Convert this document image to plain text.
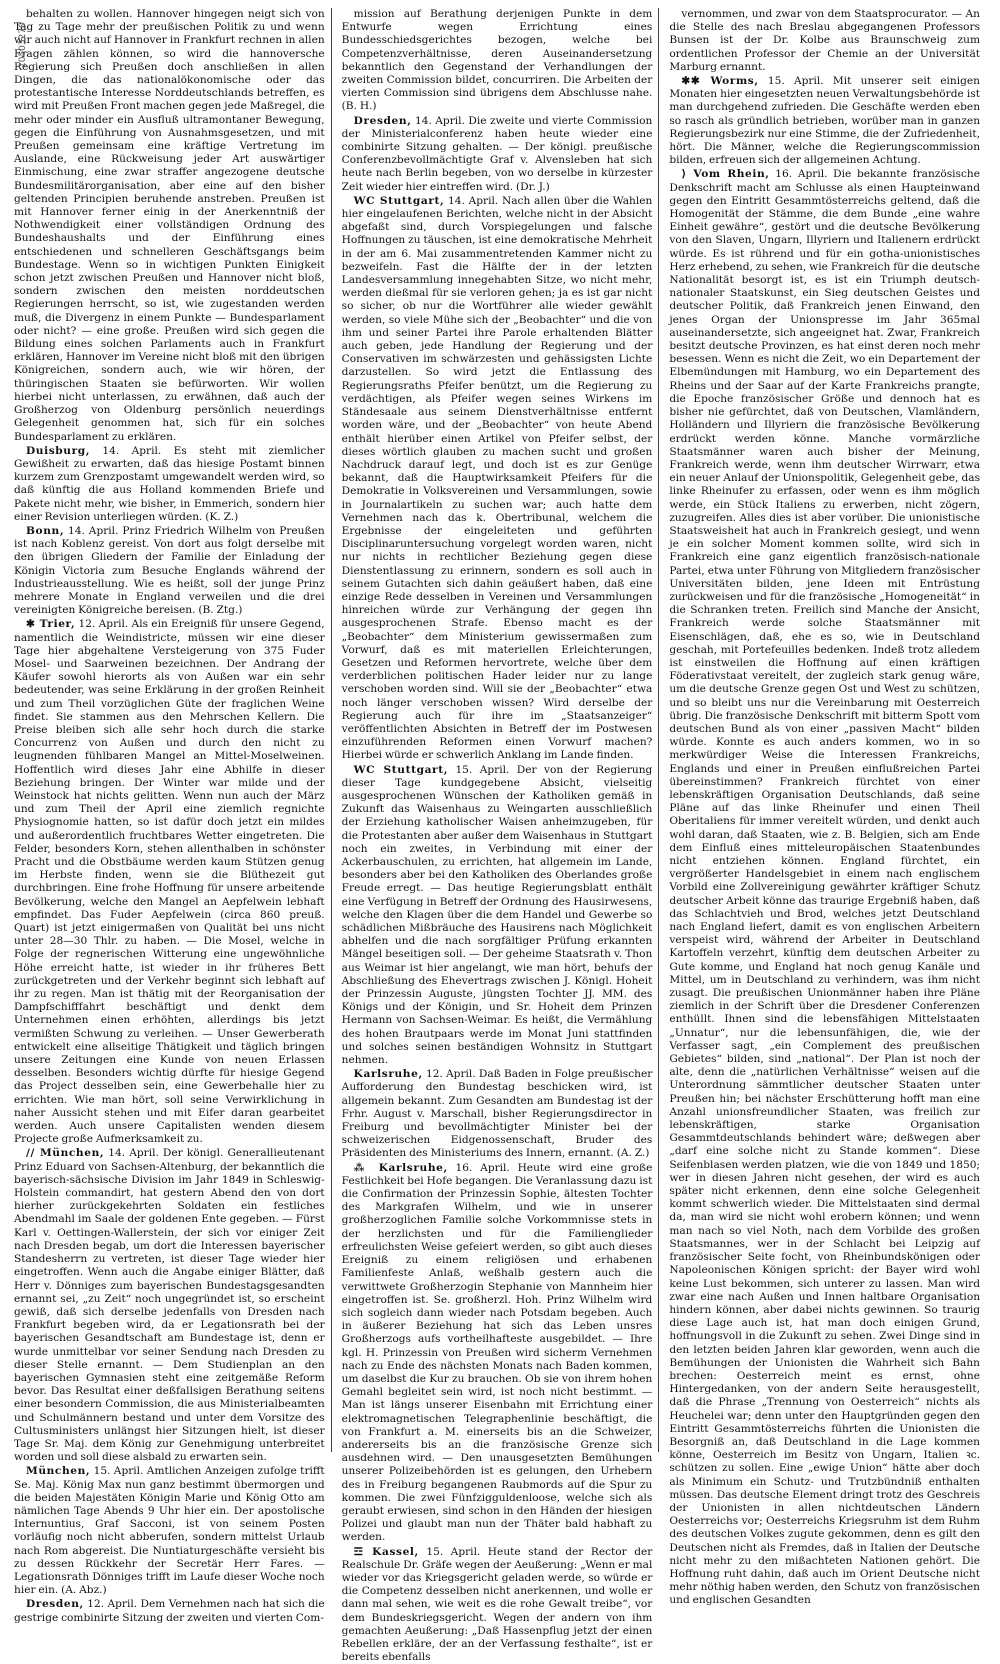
10503270

behalten zu wollen. Hannover hingegen neigt sich von Tag zu Tage mehr der preußischen Politik zu und wenn wir auch nicht auf Hannover in Frankfurt rechnen in allen Fragen zählen können, so wird die hannoversche Regierung sich Preußen doch anschließen in allen Dingen, die das nationalökonomische oder das protestantische Interesse Norddeutschlands betreffen, es wird mit Preußen Front machen gegen jede Maßregel, die mehr oder minder ein Ausfluß ultramontaner Bewegung, gegen die Einführung von Ausnahmsgesetzen, und mit Preußen gemeinsam eine kräftige Vertretung im Auslande, eine Rückweisung jeder Art auswärtiger Einmischung, eine zwar straffer angezogene deutsche Bundesmilitärorganisation, aber eine auf den bisher geltenden Principien beruhende anstreben. Preußen ist mit Hannover ferner einig in der Anerkenntniß der Nothwendigkeit einer vollständigen Ordnung des Bundeshaushalts und der Einführung eines entschiedenen und schnelleren Geschäftsgangs beim Bundestage. Wenn so in wichtigen Punkten Einigkeit schon jetzt zwischen Preußen und Hannover nicht bloß, sondern zwischen den meisten norddeutschen Regierungen herrscht, so ist, wie zugestanden werden muß, die Divergenz in einem Punkte — Bundesparlament oder nicht? — eine große. Preußen wird sich gegen die Bildung eines solchen Parlaments auch in Frankfurt erklären, Hannover im Vereine nicht bloß mit den übrigen Königreichen, sondern auch, wie wir hören, der thüringischen Staaten sie befürworten. Wir wollen hierbei nicht unterlassen, zu erwähnen, daß auch der Großherzog von Oldenburg persönlich neuerdings Gelegenheit genommen hat, sich für ein solches Bundesparlament zu erklären.

Duisburg, 14. April. Es steht mit ziemlicher Gewißheit zu erwarten, daß das hiesige Postamt binnen kurzem zum Grenzpostamt umgewandelt werden wird, so daß künftig die aus Holland kommenden Briefe und Pakete nicht mehr, wie bisher, in Emmerich, sondern hier einer Revision unterliegen würden. (K. Z.)

Bonn, 14. April. Prinz Friedrich Wilhelm von Preußen ist nach Koblenz gereist. Von dort aus folgt derselbe mit den übrigen Gliedern der Familie der Einladung der Königin Victoria zum Besuche Englands während der Industrieausstellung. Wie es heißt, soll der junge Prinz mehrere Monate in England verweilen und die drei vereinigten Königreiche bereisen. (B. Ztg.)

✱ Trier, 12. April. Als ein Ereigniß für unsere Gegend, namentlich die Weindistricte, müssen wir eine dieser Tage hier abgehaltene Versteigerung von 375 Fuder Mosel- und Saarweinen bezeichnen. Der Andrang der Käufer sowohl hierorts als von Außen war ein sehr bedeutender, was seine Erklärung in der großen Reinheit und zum Theil vorzüglichen Güte der fraglichen Weine findet. Sie stammen aus den Mehrschen Kellern. Die Preise bleiben sich alle sehr hoch durch die starke Concurrenz von Außen und durch den nicht zu leugnenden fühlbaren Mangel an Mittel-Moselweinen. Hoffentlich wird dieses Jahr eine Abhilfe in dieser Beziehung bringen. Der Winter war milde und der Weinstock hat nichts gelitten. Wenn nun auch der März und zum Theil der April eine ziemlich regnichte Physiognomie hatten, so ist dafür doch jetzt ein mildes und außerordentlich fruchtbares Wetter eingetreten. Die Felder, besonders Korn, stehen allenthalben in schönster Pracht und die Obstbäume werden kaum Stützen genug im Herbste finden, wenn sie die Blüthezeit gut durchbringen. Eine frohe Hoffnung für unsere arbeitende Bevölkerung, welche den Mangel an Aepfelwein lebhaft empfindet. Das Fuder Aepfelwein (circa 860 preuß. Quart) ist jetzt einigermaßen von Qualität bei uns nicht unter 28—30 Thlr. zu haben. — Die Mosel, welche in Folge der regnerischen Witterung eine ungewöhnliche Höhe erreicht hatte, ist wieder in ihr früheres Bett zurückgetreten und der Verkehr beginnt sich lebhaft auf ihr zu regen. Man ist thätig mit der Reorganisation der Dampfschifffahrt beschäftigt und denkt dem Unternehmen einen erhöhten, allerdings bis jetzt vermißten Schwung zu verleihen. — Unser Gewerberath entwickelt eine allseitige Thätigkeit und täglich bringen unsere Zeitungen eine Kunde von neuen Erlassen desselben. Besonders wichtig dürfte für hiesige Gegend das Project desselben sein, eine Gewerbehalle hier zu errichten. Wie man hört, soll seine Verwirklichung in naher Aussicht stehen und mit Eifer daran gearbeitet werden. Auch unsere Capitalisten wenden diesem Projecte große Aufmerksamkeit zu.

// München, 14. April. Der königl. Generallieutenant Prinz Eduard von Sachsen-Altenburg, der bekanntlich die bayerisch-sächsische Division im Jahr 1849 in Schleswig-Holstein commandirt, hat gestern Abend den von dort hierher zurückgekehrten Soldaten ein festliches Abendmahl im Saale der goldenen Ente gegeben. — Fürst Karl v. Oettingen-Wallerstein, der sich vor einiger Zeit nach Dresden begab, um dort die Interessen bayerischer Standesherrn zu vertreten, ist dieser Tage wieder hier eingetroffen. Wenn auch die Angabe einiger Blätter, daß Herr v. Dönniges zum bayerischen Bundestagsgesandten ernannt sei, „zu Zeit“ noch ungegründet ist, so erscheint gewiß, daß sich derselbe jedenfalls von Dresden nach Frankfurt begeben wird, da er Legationsrath bei der bayerischen Gesandtschaft am Bundestage ist, denn er wurde unmittelbar vor seiner Sendung nach Dresden zu dieser Stelle ernannt. — Dem Studienplan an den bayerischen Gymnasien steht eine zeitgemäße Reform bevor. Das Resultat einer deßfallsigen Berathung seitens einer besondern Commission, die aus Ministerialbeamten und Schulmännern bestand und unter dem Vorsitze des Cultusministers unlängst hier Sitzungen hielt, ist dieser Tage Sr. Maj. dem König zur Genehmigung unterbreitet worden und soll diese alsbald zu erwarten sein.

München, 15. April. Amtlichen Anzeigen zufolge trifft Se. Maj. König Max nun ganz bestimmt übermorgen und die beiden Majestäten Königin Marie und König Otto am nämlichen Tage Abends 9 Uhr hier ein. Der apostolische Internuntius, Graf Sacconi, ist von seinem Posten vorläufig noch nicht abberufen, sondern mittelst Urlaub nach Rom abgereist. Die Nuntiaturgeschäfte versieht bis zu dessen Rückkehr der Secretär Herr Fares. — Legationsrath Dönniges trifft im Laufe dieser Woche noch hier ein. (A. Abz.)

Dresden, 12. April. Dem Vernehmen nach hat sich die gestrige combinirte Sitzung der zweiten und vierten Com-

mission auf Berathung derjenigen Punkte in dem Entwurfe wegen Errichtung eines Bundesschiedsgerichtes bezogen, welche bei Competenzverhältnisse, deren Auseinandersetzung bekanntlich den Gegenstand der Verhandlungen der zweiten Commission bildet, concurriren. Die Arbeiten der vierten Commission sind übrigens dem Abschlusse nahe. (B. H.)

Dresden, 14. April. Die zweite und vierte Commission der Ministerialconferenz haben heute wieder eine combinirte Sitzung gehalten. — Der königl. preußische Conferenzbevollmächtigte Graf v. Alvensleben hat sich heute nach Berlin begeben, von wo derselbe in kürzester Zeit wieder hier eintreffen wird. (Dr. J.)

WC Stuttgart, 14. April. Nach allen über die Wahlen hier eingelaufenen Berichten, welche nicht in der Absicht abgefaßt sind, durch Vorspiegelungen und falsche Hoffnungen zu täuschen, ist eine demokratische Mehrheit in der am 6. Mai zusammentretenden Kammer nicht zu bezweifeln. Fast die Hälfte der in der letzten Landesversammlung innegehabten Sitze, wo nicht mehr, werden dießmal für sie verloren gehen; ja es ist gar nicht so sicher, ob nur die Wortführer alle wieder gewählt werden, so viele Mühe sich der „Beobachter“ und die von ihm und seiner Partei ihre Parole erhaltenden Blätter auch geben, jede Handlung der Regierung und der Conservativen im schwärzesten und gehässigsten Lichte darzustellen. So wird jetzt die Entlassung des Regierungsraths Pfeifer benützt, um die Regierung zu verdächtigen, als Pfeifer wegen seines Wirkens im Ständesaale aus seinem Dienstverhältnisse entfernt worden wäre, und der „Beobachter“ von heute Abend enthält hierüber einen Artikel von Pfeifer selbst, der dieses wörtlich glauben zu machen sucht und großen Nachdruck darauf legt, und doch ist es zur Genüge bekannt, daß die Hauptwirksamkeit Pfeifers für die Demokratie in Volksvereinen und Versammlungen, sowie in Journalartikeln zu suchen war; auch hatte dem Vernehmen nach das k. Obertribunal, welchem die Ergebnisse der eingeleiteten und geführten Disciplinaruntersuchung vorgelegt worden waren, nicht nur nichts in rechtlicher Beziehung gegen diese Dienstentlassung zu erinnern, sondern es soll auch in seinem Gutachten sich dahin geäußert haben, daß eine einzige Rede desselben in Vereinen und Versammlungen hinreichen würde zur Verhängung der gegen ihn ausgesprochenen Strafe. Ebenso macht es der „Beobachter“ dem Ministerium gewissermaßen zum Vorwurf, daß es mit materiellen Erleichterungen, Gesetzen und Reformen hervortrete, welche über dem verderblichen politischen Hader leider nur zu lange verschoben worden sind. Will sie der „Beobachter“ etwa noch länger verschoben wissen? Wird derselbe der Regierung auch für ihre im „Staatsanzeiger“ veröffentlichten Absichten in Betreff der im Postwesen einzuführenden Reformen einen Vorwurf machen? Hierbei würde er schwerlich Anklang im Lande finden.

WC Stuttgart, 15. April. Der von der Regierung dieser Tage kundgegebene Absicht, vielseitig ausgesprochenen Wünschen der Katholiken gemäß in Zukunft das Waisenhaus zu Weingarten ausschließlich der Erziehung katholischer Waisen anheimzugeben, für die Protestanten aber außer dem Waisenhaus in Stuttgart noch ein zweites, in Verbindung mit einer der Ackerbauschulen, zu errichten, hat allgemein im Lande, besonders aber bei den Katholiken des Oberlandes große Freude erregt. — Das heutige Regierungsblatt enthält eine Verfügung in Betreff der Ordnung des Hausirwesens, welche den Klagen über die dem Handel und Gewerbe so schädlichen Mißbräuche des Hausirens nach Möglichkeit abhelfen und die nach sorgfältiger Prüfung erkannten Mängel beseitigen soll. — Der geheime Staatsrath v. Thon aus Weimar ist hier angelangt, wie man hört, behufs der Abschließung des Ehevertrags zwischen J. Königl. Hoheit der Prinzessin Auguste, jüngsten Tochter JJ. MM. des Königs und der Königin, und Sr. Hoheit dem Prinzen Hermann von Sachsen-Weimar. Es heißt, die Vermählung des hohen Brautpaars werde im Monat Juni stattfinden und solches seinen beständigen Wohnsitz in Stuttgart nehmen.

Karlsruhe, 12. April. Daß Baden in Folge preußischer Aufforderung den Bundestag beschicken wird, ist allgemein bekannt. Zum Gesandten am Bundestag ist der Frhr. August v. Marschall, bisher Regierungsdirector in Freiburg und bevollmächtigter Minister bei der schweizerischen Eidgenossenschaft, Bruder des Präsidenten des Ministeriums des Innern, ernannt. (A. Z.)

⁂ Karlsruhe, 16. April. Heute wird eine große Festlichkeit bei Hofe begangen. Die Veranlassung dazu ist die Confirmation der Prinzessin Sophie, ältesten Tochter des Markgrafen Wilhelm, und wie in unserer großherzoglichen Familie solche Vorkommnisse stets in der herzlichsten und für die Familienglieder erfreulichsten Weise gefeiert werden, so gibt auch dieses Ereigniß zu einem religiösen und erhabenen Familienfeste Anlaß, weßhalb gestern auch die verwittwete Großherzogin Stephanie von Mannheim hier eingetroffen ist. Se. großherzl. Hoh. Prinz Wilhelm wird sich sogleich dann wieder nach Potsdam begeben. Auch in äußerer Beziehung hat sich das Leben unsres Großherzogs aufs vortheilhafteste ausgebildet. — Ihre kgl. H. Prinzessin von Preußen wird sicherm Vernehmen nach zu Ende des nächsten Monats nach Baden kommen, um daselbst die Kur zu brauchen. Ob sie von ihrem hohen Gemahl begleitet sein wird, ist noch nicht bestimmt. — Man ist längs unserer Eisenbahn mit Errichtung einer elektromagnetischen Telegraphenlinie beschäftigt, die von Frankfurt a. M. einerseits bis an die Schweizer, andererseits bis an die französische Grenze sich ausdehnen wird. — Den unausgesetzten Bemühungen unserer Polizeibehörden ist es gelungen, den Urhebern des in Freiburg begangenen Raubmords auf die Spur zu kommen. Die zwei Fünfzigguldenloose, welche sich als geraubt erwiesen, sind schon in den Händen der hiesigen Polizei und glaubt man nun der Thäter bald habhaft zu werden.

☲ Kassel, 15. April. Heute stand der Rector der Realschule Dr. Gräfe wegen der Aeußerung: „Wenn er mal wieder vor das Kriegsgericht geladen werde, so würde er die Competenz desselben nicht anerkennen, und wolle er dann mal sehen, wie weit es die rohe Gewalt treibe“, vor dem Bundeskriegsgericht. Wegen der andern von ihm gemachten Aeußerung: „Daß Hassenpflug jetzt der einen Rebellen erkläre, der an der Verfassung festhalte“, ist er bereits ebenfalls

vernommen, und zwar von dem Staatsprocurator. — An die Stelle des nach Breslau abgegangenen Professors Bunsen ist der Dr. Kolbe aus Braunschweig zum ordentlichen Professor der Chemie an der Universität Marburg ernannt.

✱✱ Worms, 15. April. Mit unserer seit einigen Monaten hier eingesetzten neuen Verwaltungsbehörde ist man durchgehend zufrieden. Die Geschäfte werden eben so rasch als gründlich betrieben, worüber man in ganzen Regierungsbezirk nur eine Stimme, die der Zufriedenheit, hört. Die Männer, welche die Regierungscommission bilden, erfreuen sich der allgemeinen Achtung.

⟩ Vom Rhein, 16. April. Die bekannte französische Denkschrift macht am Schlusse als einen Haupteinwand gegen den Eintritt Gesammtösterreichs geltend, daß die Homogenität der Stämme, die dem Bunde „eine wahre Einheit gewähre“, gestört und die deutsche Bevölkerung von den Slaven, Ungarn, Illyriern und Italienern erdrückt würde. Es ist rührend und für ein gotha-unionistisches Herz erhebend, zu sehen, wie Frankreich für die deutsche Nationalität besorgt ist, es ist ein Triumph deutsch-nationaler Staatskunst, ein Sieg deutschen Geistes und deutscher Politik, daß Frankreich jenen Einwand, den jenes Organ der Unionspresse im Jahr 365mal auseinandersetzte, sich angeeignet hat. Zwar, Frankreich besitzt deutsche Provinzen, es hat einst deren noch mehr besessen. Wenn es nicht die Zeit, wo ein Departement der Elbemündungen mit Hamburg, wo ein Departement des Rheins und der Saar auf der Karte Frankreichs prangte, die Epoche französischer Größe und dennoch hat es bisher nie gefürchtet, daß von Deutschen, Vlamländern, Holländern und Illyriern die französische Bevölkerung erdrückt werden könne. Manche vormärzliche Staatsmänner waren auch bisher der Meinung, Frankreich werde, wenn ihm deutscher Wirrwarr, etwa ein neuer Anlauf der Unionspolitik, Gelegenheit gebe, das linke Rheinufer zu erfassen, oder wenn es ihm möglich werde, ein Stück Italiens zu erwerben, nicht zögern, zuzugreifen. Alles dies ist aber vorüber. Die unionistische Staatsweisheit hat auch in Frankreich gesiegt, und wenn je ein solcher Moment kommen sollte, wird sich in Frankreich eine ganz eigentlich französisch-nationale Partei, etwa unter Führung von Mitgliedern französischer Universitäten bilden, jene Ideen mit Entrüstung zurückweisen und für die französische „Homogeneität“ in die Schranken treten. Freilich sind Manche der Ansicht, Frankreich werde solche Staatsmänner mit Eisenschlägen, daß, ehe es so, wie in Deutschland geschah, mit Portefeuilles bedenken. Indeß trotz alledem ist einstweilen die Hoffnung auf einen kräftigen Föderativstaat vereitelt, der zugleich stark genug wäre, um die deutsche Grenze gegen Ost und West zu schützen, und so bleibt uns nur die Vereinbarung mit Oesterreich übrig. Die französische Denkschrift mit bitterm Spott vom deutschen Bund als von einer „passiven Macht“ bilden würde. Konnte es auch anders kommen, wo in so merkwürdiger Weise die Interessen Frankreichs, Englands und einer in Preußen einflußreichen Partei übereinstimmen? Frankreich fürchtet von einer lebenskräftigen Organisation Deutschlands, daß seine Pläne auf das linke Rheinufer und einen Theil Oberitaliens für immer vereitelt würden, und denkt auch wohl daran, daß Staaten, wie z. B. Belgien, sich am Ende dem Einfluß eines mitteleuropäischen Staatenbundes nicht entziehen können. England fürchtet, ein vergrößerter Handelsgebiet in einem nach englischem Vorbild eine Zollvereinigung gewährter kräftiger Schutz deutscher Arbeit könne das traurige Ergebniß haben, daß das Schlachtvieh und Brod, welches jetzt Deutschland nach England liefert, damit es von englischen Arbeitern verspeist wird, während der Arbeiter in Deutschland Kartoffeln verzehrt, künftig dem deutschen Arbeiter zu Gute komme, und England hat noch genug Kanäle und Mittel, um in Deutschland zu verhindern, was ihm nicht zusagt. Die preußischen Unionmänner haben ihre Pläne ziemlich in der Schrift über die Dresdener Conferenzen enthüllt. Ihnen sind die lebensfähigen Mittelstaaten „Unnatur“, nur die lebensunfähigen, die, wie der Verfasser sagt, „ein Complement des preußischen Gebietes“ bilden, sind „national“. Der Plan ist noch der alte, denn die „natürlichen Verhältnisse“ weisen auf die Unterordnung sämmtlicher deutscher Staaten unter Preußen hin; bei nächster Erschütterung hofft man eine Anzahl unionsfreundlicher Staaten, was freilich zur lebenskräftigen, starke Organisation Gesammtdeutschlands behindert wäre; deßwegen aber „darf eine solche nicht zu Stande kommen“. Diese Seifenblasen werden platzen, wie die von 1849 und 1850; wer in diesen Jahren nicht gesehen, der wird es auch später nicht erkennen, denn eine solche Gelegenheit kommt schwerlich wieder. Die Mittelstaaten sind dermal da, man wird sie nicht wohl erobern können; und wenn man nach so viel Noth, nach dem Vorbilde des großen Staatsmannes, wer in der Schlacht bei Leipzig auf französischer Seite focht, von Rheinbundskönigen oder Napoleonischen Königen spricht: der Bayer wird wohl keine Lust bekommen, sich unterer zu lassen. Man wird zwar eine nach Außen und Innen haltbare Organisation hindern können, aber dabei nichts gewinnen. So traurig diese Lage auch ist, hat man doch einigen Grund, hoffnungsvoll in die Zukunft zu sehen. Zwei Dinge sind in den letzten beiden Jahren klar geworden, wenn auch die Bemühungen der Unionisten die Wahrheit sich Bahn brechen: Oesterreich meint es ernst, ohne Hintergedanken, von der andern Seite herausgestellt, daß die Phrase „Trennung von Oesterreich“ nichts als Heuchelei war; denn unter den Hauptgründen gegen den Eintritt Gesammtösterreichs führten die Unionisten die Besorgniß an, daß Deutschland in die Lage kommen könne, Oesterreich im Besitz von Ungarn, Italien ꝛc. schützen zu sollen. Eine „ewige Union“ hätte aber doch als Minimum ein Schutz- und Trutzbündniß enthalten müssen. Das deutsche Element dringt trotz des Geschreis der Unionisten in allen nichtdeutschen Ländern Oesterreichs vor; Oesterreichs Kriegsruhm ist dem Ruhm des deutschen Volkes zugute gekommen, denn es gilt den Deutschen nicht als Fremdes, daß in Italien der Deutsche nicht mehr zu den mißachteten Nationen gehört. Die Hoffnung ruht dahin, daß auch im Orient Deutsche nicht mehr nöthig haben werden, den Schutz von französischen und englischen Gesandten
